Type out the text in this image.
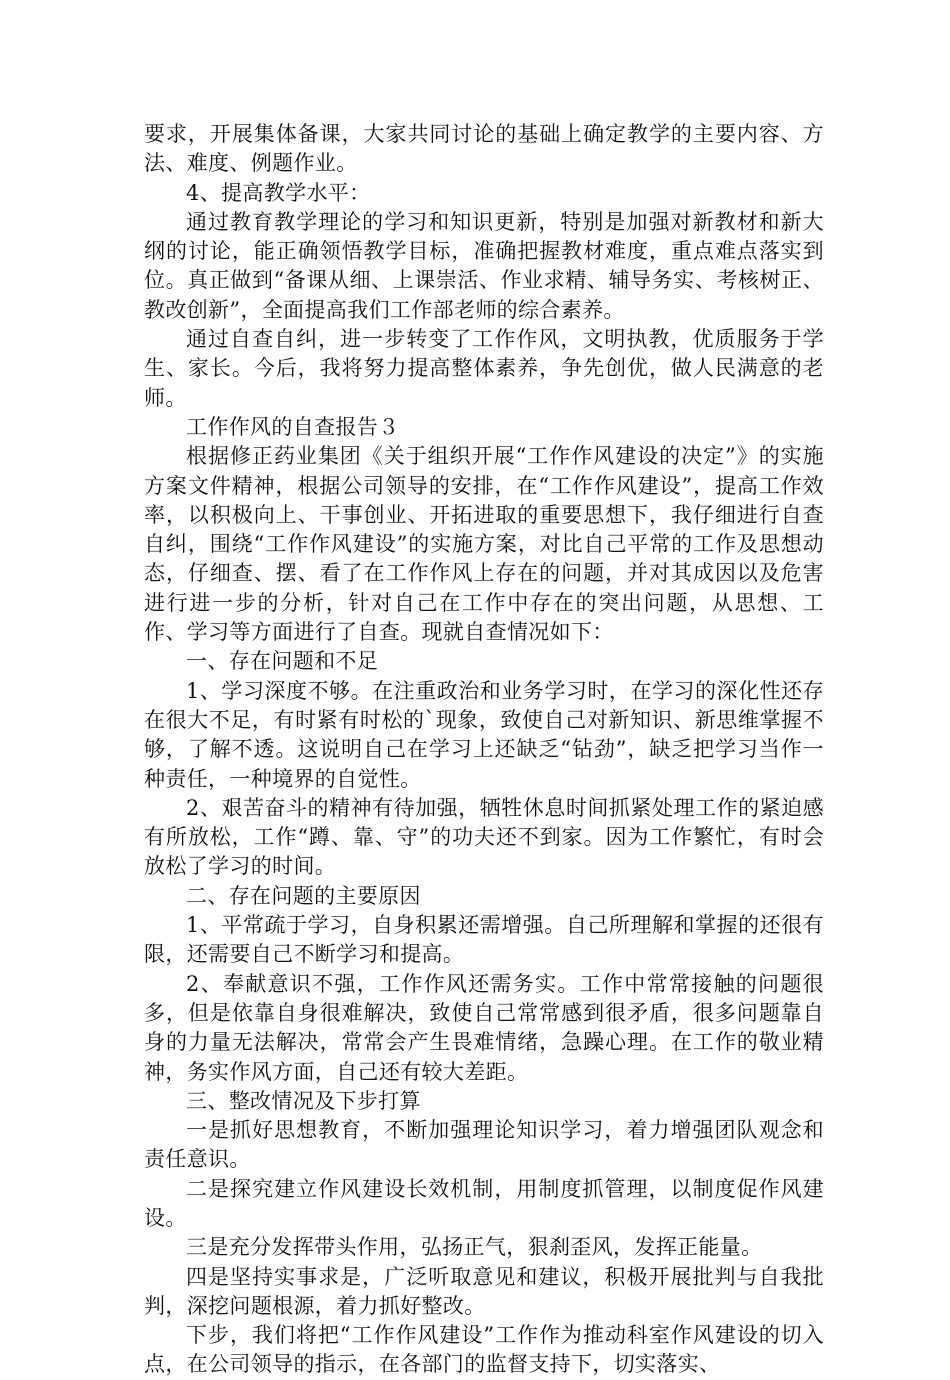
要求，开展集体备课，大家共同讨论的基础上确定教学的主要内容、方法、难度、例题作业。

4、提高教学水平：

通过教育教学理论的学习和知识更新，特别是加强对新教材和新大纲的讨论，能正确领悟教学目标，准确把握教材难度，重点难点落实到位。真正做到“备课从细、上课崇活、作业求精、辅导务实、考核树正、教改创新”，全面提高我们工作部老师的综合素养。

通过自查自纠，进一步转变了工作作风，文明执教，优质服务于学生、家长。今后，我将努力提高整体素养，争先创优，做人民满意的老师。

工作作风的自查报告３

根据修正药业集团《关于组织开展“工作作风建设的决定”》的实施方案文件精神，根据公司领导的安排，在“工作作风建设”，提高工作效率，以积极向上、干事创业、开拓进取的重要思想下，我仔细进行自查自纠，围绕“工作作风建设”的实施方案，对比自己平常的工作及思想动态，仔细查、摆、看了在工作作风上存在的问题，并对其成因以及危害进行进一步的分析，针对自己在工作中存在的突出问题，从思想、工作、学习等方面进行了自查。现就自查情况如下：

一、存在问题和不足

1、学习深度不够。在注重政治和业务学习时，在学习的深化性还存在很大不足，有时紧有时松的`现象，致使自己对新知识、新思维掌握不够，了解不透。这说明自己在学习上还缺乏“钻劲”，缺乏把学习当作一种责任，一种境界的自觉性。

2、艰苦奋斗的精神有待加强，牺牲休息时间抓紧处理工作的紧迫感有所放松，工作“蹲、靠、守”的功夫还不到家。因为工作繁忙，有时会放松了学习的时间。

二、存在问题的主要原因

1、平常疏于学习，自身积累还需增强。自己所理解和掌握的还很有限，还需要自己不断学习和提高。

2、奉献意识不强，工作作风还需务实。工作中常常接触的问题很多，但是依靠自身很难解决，致使自己常常感到很矛盾，很多问题靠自身的力量无法解决，常常会产生畏难情绪，急躁心理。在工作的敬业精神，务实作风方面，自己还有较大差距。

三、整改情况及下步打算

一是抓好思想教育，不断加强理论知识学习，着力增强团队观念和责任意识。

二是探究建立作风建设长效机制，用制度抓管理，以制度促作风建设。

三是充分发挥带头作用，弘扬正气，狠刹歪风，发挥正能量。

四是坚持实事求是，广泛听取意见和建议，积极开展批判与自我批判，深挖问题根源，着力抓好整改。

下步，我们将把“工作作风建设”工作作为推动科室作风建设的切入点，在公司领导的指示，在各部门的监督支持下，切实落实、
